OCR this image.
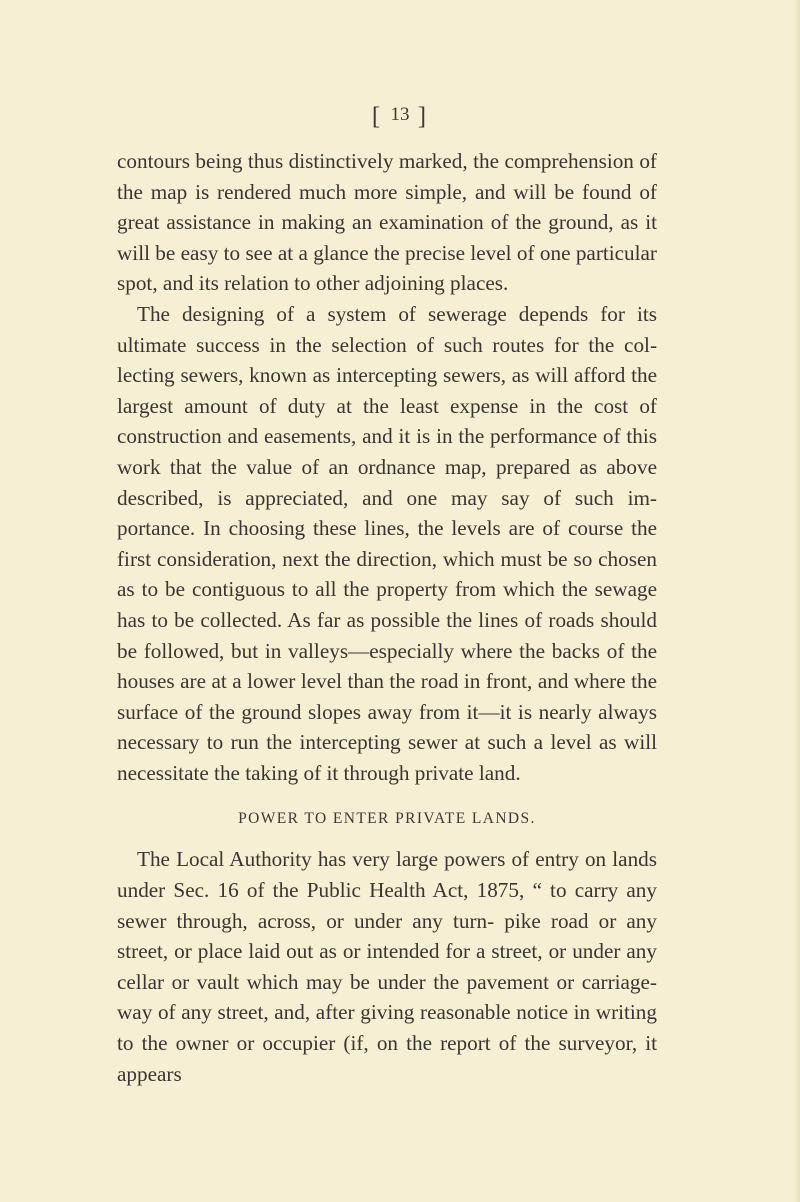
[ 13 ]

contours being thus distinctively marked, the comprehension of the map is rendered much more simple, and will be found of great assistance in making an examination of the ground, as it will be easy to see at a glance the precise level of one particular spot, and its relation to other adjoining places.

The designing of a system of sewerage depends for its ultimate success in the selection of such routes for the col- lecting sewers, known as intercepting sewers, as will afford the largest amount of duty at the least expense in the cost of construction and easements, and it is in the performance of this work that the value of an ordnance map, prepared as above described, is appreciated, and one may say of such im- portance. In choosing these lines, the levels are of course the first consideration, next the direction, which must be so chosen as to be contiguous to all the property from which the sewage has to be collected. As far as possible the lines of roads should be followed, but in valleys—especially where the backs of the houses are at a lower level than the road in front, and where the surface of the ground slopes away from it—it is nearly always necessary to run the intercepting sewer at such a level as will necessitate the taking of it through private land.

POWER TO ENTER PRIVATE LANDS.

The Local Authority has very large powers of entry on lands under Sec. 16 of the Public Health Act, 1875, “ to carry any sewer through, across, or under any turn- pike road or any street, or place laid out as or intended for a street, or under any cellar or vault which may be under the pavement or carriage-way of any street, and, after giving reasonable notice in writing to the owner or occupier (if, on the report of the surveyor, it appears
